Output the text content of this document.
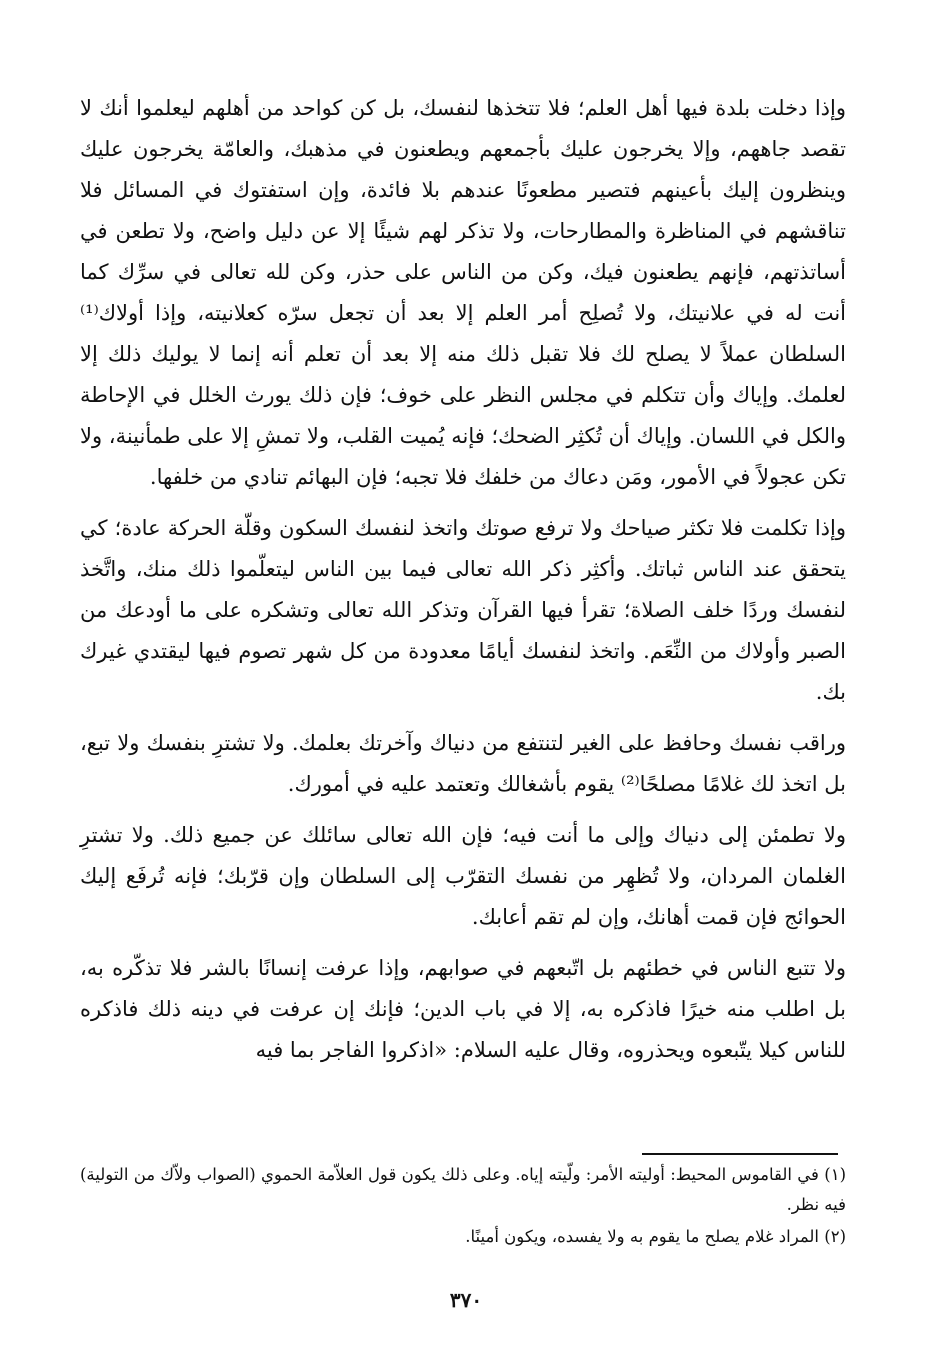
وإذا دخلت بلدة فيها أهل العلم؛ فلا تتخذها لنفسك، بل كن كواحد من أهلهم ليعلموا أنك لا تقصد جاههم، وإلا يخرجون عليك بأجمعهم ويطعنون في مذهبك، والعامّة يخرجون عليك وينظرون إليك بأعينهم فتصير مطعونًا عندهم بلا فائدة، وإن استفتوك في المسائل فلا تناقشهم في المناظرة والمطارحات، ولا تذكر لهم شيئًا إلا عن دليل واضح، ولا تطعن في أساتذتهم، فإنهم يطعنون فيك، وكن من الناس على حذر، وكن لله تعالى في سرِّك كما أنت له في علانيتك، ولا تُصلِح أمر العلم إلا بعد أن تجعل سرّه كعلانيته، وإذا أولاك⁽¹⁾ السلطان عملاً لا يصلح لك فلا تقبل ذلك منه إلا بعد أن تعلم أنه إنما لا يوليك ذلك إلا لعلمك. وإياك وأن تتكلم في مجلس النظر على خوف؛ فإن ذلك يورث الخلل في الإحاطة والكل في اللسان. وإياك أن تُكثِر الضحك؛ فإنه يُميت القلب، ولا تمشِ إلا على طمأنينة، ولا تكن عجولاً في الأمور، ومَن دعاك من خلفك فلا تجبه؛ فإن البهائم تنادي من خلفها.

وإذا تكلمت فلا تكثر صياحك ولا ترفع صوتك واتخذ لنفسك السكون وقلّة الحركة عادة؛ كي يتحقق عند الناس ثباتك. وأكثِر ذكر الله تعالى فيما بين الناس ليتعلّموا ذلك منك، واتَّخذ لنفسك وردًا خلف الصلاة؛ تقرأ فيها القرآن وتذكر الله تعالى وتشكره على ما أودعك من الصبر وأولاك من النِّعَم. واتخذ لنفسك أيامًا معدودة من كل شهر تصوم فيها ليقتدي غيرك بك.

وراقب نفسك وحافظ على الغير لتنتفع من دنياك وآخرتك بعلمك. ولا تشترِ بنفسك ولا تبع، بل اتخذ لك غلامًا مصلحًا⁽²⁾ يقوم بأشغالك وتعتمد عليه في أمورك.

ولا تطمئن إلى دنياك وإلى ما أنت فيه؛ فإن الله تعالى سائلك عن جميع ذلك. ولا تشترِ الغلمان المردان، ولا تُظهِر من نفسك التقرّب إلى السلطان وإن قرّبك؛ فإنه تُرفَع إليك الحوائج فإن قمت أهانك، وإن لم تقم أعابك.

ولا تتبع الناس في خطئهم بل اتّبعهم في صوابهم، وإذا عرفت إنسانًا بالشر فلا تذكّره به، بل اطلب منه خيرًا فاذكره به، إلا في باب الدين؛ فإنك إن عرفت في دينه ذلك فاذكره للناس كيلا يتّبعوه ويحذروه، وقال عليه السلام: «اذكروا الفاجر بما فيه

(١) في القاموس المحيط: أوليته الأمر: ولّيته إياه. وعلى ذلك يكون قول العلاّمة الحموي (الصواب ولاّك من التولية) فيه نظر.

(٢) المراد غلام يصلح ما يقوم به ولا يفسده، ويكون أمينًا.

٣٧٠
